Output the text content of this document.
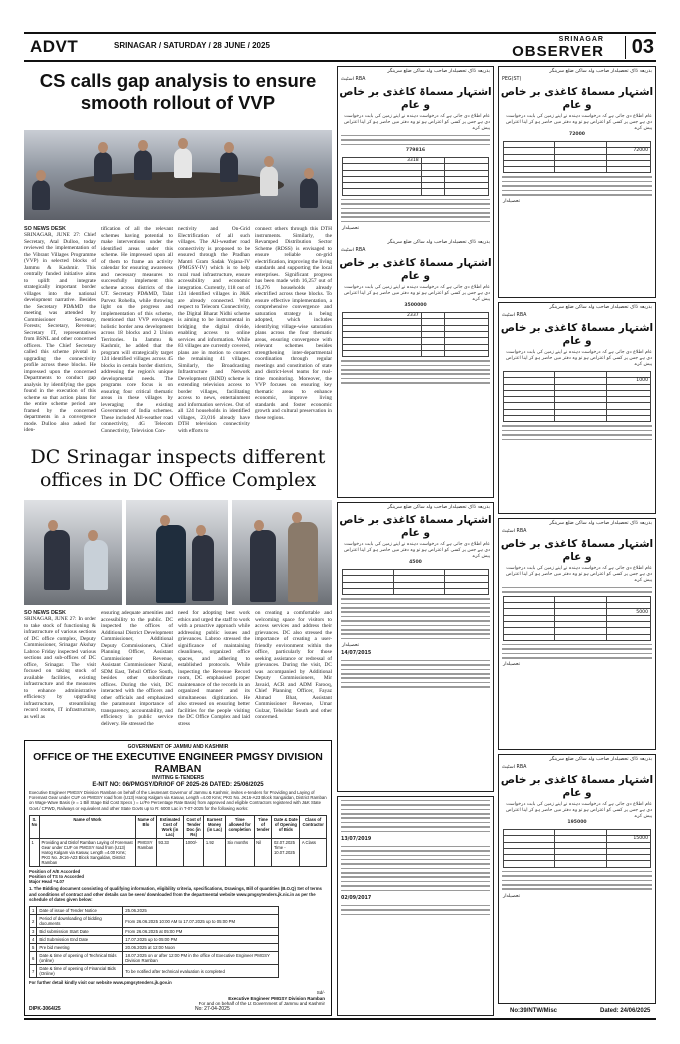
ADVT	SRINAGAR / SATURDAY / 28 JUNE / 2025
SRINAGAR
OBSERVER	03
CS calls gap analysis to ensure smooth rollout of VVP
SO NEWS DESK
SRINAGAR, JUNE 27: Chief Secretary, Atal Dulloo, today reviewed the implementation of the Vibrant Villages Programme (VVP) in selected blocks of Jammu & Kashmir. This centrally funded initiative aims to uplift and integrate strategically important border villages into the national development narrative. Besides the Secretary PD&MD the meeting was attended by Commissioner Secretary, Forests; Secretary, Revenue; Secretary IT, representatives from BSNL and other concerned officers. The Chief Secretary called this scheme pivotal in upgrading the connectivity profile across these blocks. He impressed upon the concerned Departments to conduct gap analysis by identifying the gaps found in the execution of this scheme so that action plans for the entire scheme period are framed by the concerned departments in a convergence mode. Dulloo also asked for iden-
tification of all the relevant schemes having potential to make interventions under the identified areas under this scheme. He impressed upon all of them to frame an activity calendar for ensuring awareness and necessary measures to successfully implement this scheme across districts of the UT. Secretary PD&MD, Talat Parvez Rohella, while throwing light on the progress and implementation of this scheme, mentioned that VVP envisages holistic border area development across 18 blocks and 2 Union Territories. In Jammu & Kashmir, he added that the program will strategically target 124 identified villages across 45 blocks in certain border districts, addressing the region's unique developmental needs. The programs core focus is on ensuring four critical thematic areas in these villages by leveraging the existing Government of India schemes. These included All-weather road connectivity, 4G Telecom Connectivity, Television Con-
nectivity and On-Grid Electrification of all such villages. The All-weather road connectivity is proposed to be ensured through the Pradhan Mantri Gram Sadak Yojana-IV (PMGSY-IV) which is to help rural road infrastructure, ensure accessibility and economic integration. Currently, 118 out of 124 identified villages in J&K are already connected. With respect to Telecom Connectivity, the Digital Bharat Nidhi scheme is aiming to be instrumental in bridging the digital divide, enabling access to online services and information. While 83 villages are currently covered, plans are in motion to connect the remaining 41 villages. Similarly, the Broadcasting Infrastructure and Network Development (BIND) scheme is extending television access to border villages, facilitating access to news, entertainment and information services. Out of all 124 households in identified villages, 23,016 already have DTH television connectivity with efforts to
connect others through this DTH instruments. Similarly, the Revamped Distribution Sector Scheme (RDSS) is envisaged to ensure reliable on-grid electrification, improving the living standards and supporting the local enterprises. Significant progress has been made with 16,257 out of 16,276 households already electrified across these blocks. To ensure effective implementation, a comprehensive convergence and saturation strategy is being adopted, which includes identifying village-wise saturation plans across the four thematic areas, ensuring convergence with relevant schemes besides strengthening inter-departmental coordination through regular meetings and constitution of state and district-level teams for real-time monitoring. Moreover, the VVP focuses on ensuring key thematic areas to enhance economic, improve living standards and foster economic growth and cultural preservation in these regions.
DC Srinagar inspects different offices in DC Office Complex
SO NEWS DESK
SRINAGAR, JUNE 27: In order to take stock of functioning & infrastructure of various sections of DC office complex, Deputy Commissioner, Srinagar Akshay Labroo Friday inspected various sections and sub-offices of DC office, Srinagar. The visit focused on taking stock of available facilities, existing infrastructure and the measures to enhance administrative efficiency by upgrading infrastructure, streamlining record rooms, IT infrastructure, as well as
ensuring adequate amenities and accessibility to the public. DC inspected the offices of Additional District Development Commissioner, Additional Deputy Commissioners, Chief Planning Officer, Assistant Commissioner Revenue, Assistant Commissioner Nazul, SDM East, Tehsil Office South, besides other subordinate offices. During the visit, DC interacted with the officers and other officials and emphasized the paramount importance of transparency, accountability, and efficiency in public service delivery. He stressed the
need for adopting best work ethics and urged the staff to work with a proactive approach while addressing public issues and grievances. Labroo stressed the significance of maintaining cleanliness, organized office spaces, and adhering to established protocols. While inspecting the Revenue Record room, DC emphasised proper maintenance of the records in an organized manner and its simultaneous digitization. He also stressed on ensuring better facilities for the people visiting the DC Office Complex and laid stress
on creating a comfortable and welcoming space for visitors to access services and address their grievances. DC also stressed the importance of creating a user-friendly environment within the office, particularly for those seeking assistance or redressal of grievances. During the visit, DC was accompanied by Additional Deputy Commissioners, Mir Javaid, ACR and ADM Farooq, Chief Planning Officer, Fayaz Ahmad Bhat, Assistant Commissioner Revenue, Umar Gulzar, Tehsildar South and other concerned.
GOVERNMENT OF JAMMU AND KASHMIR
OFFICE OF THE EXECUTIVE ENGINEER PMGSY DIVISION RAMBAN
INVITING E-TENDERS
E-NIT NO: 06/PMGSY/DR/IOF OF 2025-26 DATED: 25/06/2025
Executive Engineer PMGSY Division Ramban on behalf of the Lieutenant Governor of Jammu & Kashmir, invites e-tenders for Providing and Laying of Foremast Gear under CUF on PMGSY road from (U13) Harog Kalgam via Kasuw, Length =4.00 Kms; PKG No. JK16-A23 Block Sangaldan, District Ramban on Wage-Wave Basis (e = 1 Bill Stage Bid Cost Specs ) = Lr/Fe Percentage Rate Basis) from approved and eligible Contractors registered with J&K State Govt./ CPWD, Railways or equivalent and other State Govts up to R: 6000 Lac in T-07-2025 for the following works:
S. No	Name of Work	Name of Blo	Estimated Cost of Work (in Lac)	Cost of Tender Doc (in Rs)	Earnest Money (in Lac)	Time allowed for completion	Time of tender	Date & Date of Opening of Bids	Class of Contractor
1	Providing and Dislof Ramban Laying of Foremast Gear under CUF on PMGSY road from (U13) Harog Kalgam via Kasuw, Length =4.00 Kms; PKG No. JK16-A23 Block Sangaldan, District Ramban	PMGSY Ramban	93.33	1000/-	1.92	Six months	Nil	02.07.2025 Time - 10.07.2025	A Class
Position of A/E Accorded
Position of TS to Accorded
Major Head =4.07
1. The Bidding document consisting of qualifying information, eligibility criteria, specifications, Drawings, Bill of quantities (B.O.Q) Set of terms and conditions of contract and other details can be seen/ downloaded from the departmental website www.pmgsytenders.jk.nic.in as per the schedule of dates given below:
1	Date of issue of Tender Notice	25.06.2025
2	Period of downloading of bidding documents	From 26.06.2025 10:00 AM to 17.07.2025 up to 05:00 PM
3	Bid submission Start Date	From 26.06.2025 at 05:00 PM
4	Bid Submission End Date	17.07.2025 up to 05:00 PM
5	Pre bid meeting	20.06.2025 at 12:00 Noon
6	Date & time of opening of Technical Bids (online)	18.07.2025 on or after 12:00 PM in the office of Executive Engineer PMGSY Division Ramban
7	Date & time of opening of Financial Bids (Online)	To be notified after technical evaluation is completed
For further detail kindly visit our website www.pmgsytenders.jk.gov.in
Sd/-
Executive Engineer PMGSY Division Ramban
For and on behalf of the Lt Government of Jammu and Kashmir
DIPK-3064/25	No: 27-04-2025
بذریعہ ڈاک تحصیلدار صاحب ولد ساکن ضلع سرینگر
RBA اسٹیٹ
اشتہار مسماۃ کاغذی بر خاص و عام
عام اطلاع دی جاتی ہے کہ درخواست دہندہ نے اپنے زمین کی بابت درخواست دی ہے جس پر کسی کو اعتراض ہو تو وہ دفتر میں حاضر ہو کر اپنا اعتراض پیش کرے
779816
		3318

تحصیلدار
بذریعہ ڈاک تحصیلدار صاحب ولد ساکن ضلع سرینگر
RBA اسٹیٹ
اشتہار مسماۃ کاغذی بر خاص و عام
عام اطلاع دی جاتی ہے کہ درخواست دہندہ نے اپنے زمین کی بابت درخواست دی ہے جس پر کسی کو اعتراض ہو تو وہ دفتر میں حاضر ہو کر اپنا اعتراض پیش کرے
3500000
		2337

بذریعہ ڈاک تحصیلدار صاحب ولد ساکن ضلع سرینگر
اشتہار مسماۃ کاغذی بر خاص و عام
عام اطلاع دی جاتی ہے کہ درخواست دہندہ نے اپنے زمین کی بابت درخواست دی ہے جس پر کسی کو اعتراض ہو تو وہ دفتر میں حاضر ہو کر اپنا اعتراض پیش کرے
4500

تحصیلدار
14/07/2015
13/07/2019
02/09/2017
بذریعہ ڈاک تحصیلدار صاحب ولد ساکن ضلع سرینگر
(PEG(ST
اشتہار مسماۃ کاغذی بر خاص و عام
عام اطلاع دی جاتی ہے کہ درخواست دہندہ نے اپنے زمین کی بابت درخواست دی ہے جس پر کسی کو اعتراض ہو تو وہ دفتر میں حاضر ہو کر اپنا اعتراض پیش کرے
72000

72000		

تحصیلدار
بذریعہ ڈاک تحصیلدار صاحب ولد ساکن ضلع سرینگر
RBA اسٹیٹ
اشتہار مسماۃ کاغذی بر خاص و عام
عام اطلاع دی جاتی ہے کہ درخواست دہندہ نے اپنے زمین کی بابت درخواست دی ہے جس پر کسی کو اعتراض ہو تو وہ دفتر میں حاضر ہو کر اپنا اعتراض پیش کرے

1000		

بذریعہ ڈاک تحصیلدار صاحب ولد ساکن ضلع سرینگر
RBA اسٹیٹ
اشتہار مسماۃ کاغذی بر خاص و عام
عام اطلاع دی جاتی ہے کہ درخواست دہندہ نے اپنے زمین کی بابت درخواست دی ہے جس پر کسی کو اعتراض ہو تو وہ دفتر میں حاضر ہو کر اپنا اعتراض پیش کرے

5000		

تحصیلدار
بذریعہ ڈاک تحصیلدار صاحب ولد ساکن ضلع سرینگر
RBA اسٹیٹ
اشتہار مسماۃ کاغذی بر خاص و عام
عام اطلاع دی جاتی ہے کہ درخواست دہندہ نے اپنے زمین کی بابت درخواست دی ہے جس پر کسی کو اعتراض ہو تو وہ دفتر میں حاضر ہو کر اپنا اعتراض پیش کرے
195000

15000		

تحصیلدار
No:39/NTW/Misc	Dated: 24/06/2025
